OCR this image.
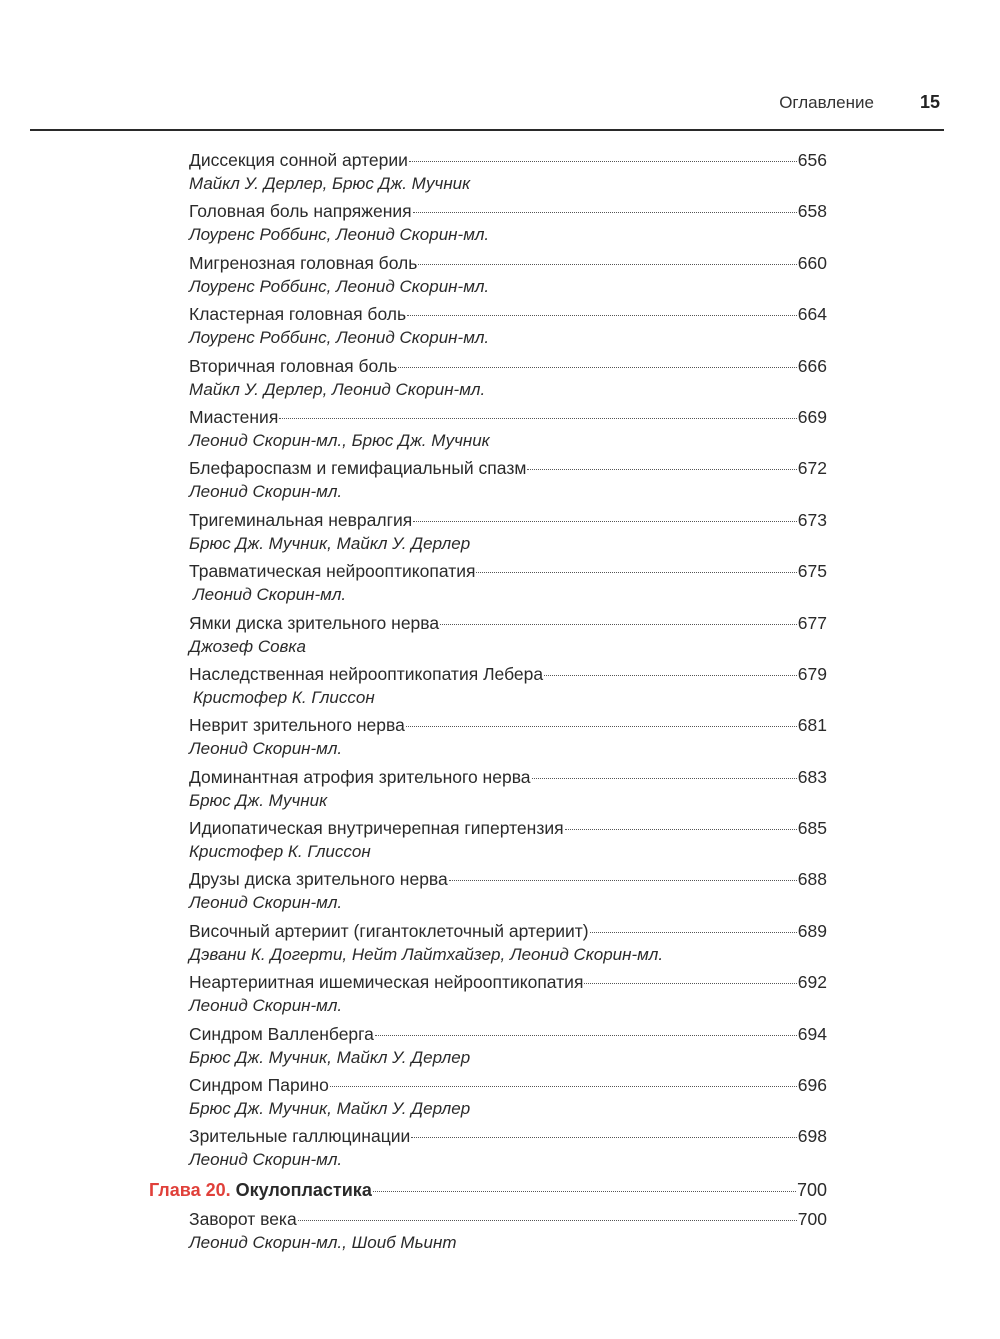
Оглавление	15
Диссекция сонной артерии	656
Майкл У. Дерлер, Брюс Дж. Мучник
Головная боль напряжения	658
Лоуренс Роббинс, Леонид Скорин-мл.
Мигренозная головная боль	660
Лоуренс Роббинс, Леонид Скорин-мл.
Кластерная головная боль	664
Лоуренс Роббинс, Леонид Скорин-мл.
Вторичная головная боль	666
Майкл У. Дерлер, Леонид Скорин-мл.
Миастения	669
Леонид Скорин-мл., Брюс Дж. Мучник
Блефароспазм и гемифациальный спазм	672
Леонид Скорин-мл.
Тригеминальная невралгия	673
Брюс Дж. Мучник, Майкл У. Дерлер
Травматическая нейрооптикопатия	675
Леонид Скорин-мл.
Ямки диска зрительного нерва	677
Джозеф Совка
Наследственная нейрооптикопатия Лебера	679
Кристофер К. Глиссон
Неврит зрительного нерва	681
Леонид Скорин-мл.
Доминантная атрофия зрительного нерва	683
Брюс Дж. Мучник
Идиопатическая внутричерепная гипертензия	685
Кристофер К. Глиссон
Друзы диска зрительного нерва	688
Леонид Скорин-мл.
Височный артериит (гигантоклеточный артериит)	689
Дэвани К. Догерти, Нейт Лайтхайзер, Леонид Скорин-мл.
Неартериитная ишемическая нейрооптикопатия	692
Леонид Скорин-мл.
Синдром Валленберга	694
Брюс Дж. Мучник, Майкл У. Дерлер
Синдром Парино	696
Брюс Дж. Мучник, Майкл У. Дерлер
Зрительные галлюцинации	698
Леонид Скорин-мл.
Глава 20. Окулопластика	700
Заворот века	700
Леонид Скорин-мл., Шоиб Мьинт
